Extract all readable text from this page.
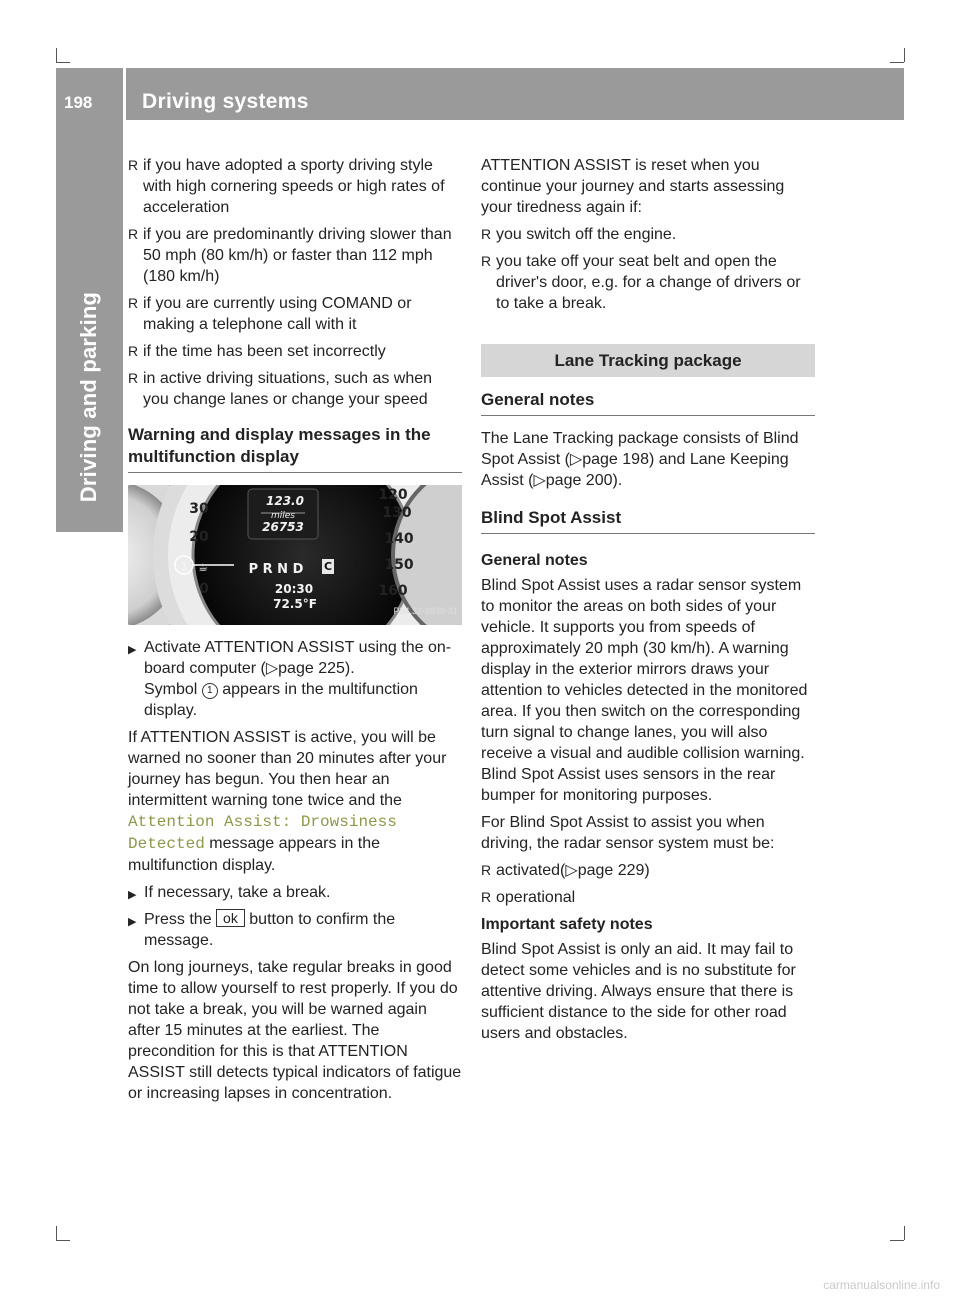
198 Driving systems
Driving and parking
R if you have adopted a sporty driving style with high cornering speeds or high rates of acceleration
R if you are predominantly driving slower than 50 mph (80 km/h) or faster than 112 mph (180 km/h)
R if you are currently using COMAND or making a telephone call with it
R if the time has been set incorrectly
R in active driving situations, such as when you change lanes or change your speed
Warning and display messages in the multifunction display
123.0
miles
26753
P R N D C
20:30
72.5°F
1 ☕
30
20
0
120
130
140
150
160
P54.32-8938-31
▶ Activate ATTENTION ASSIST using the on-board computer (▷page 225).
Symbol 1 appears in the multifunction display.

If ATTENTION ASSIST is active, you will be warned no sooner than 20 minutes after your journey has begun. You then hear an intermittent warning tone twice and the Attention Assist: Drowsiness
Detected message appears in the multifunction display.

▶ If necessary, take a break.
▶ Press the ok button to confirm the message.

On long journeys, take regular breaks in good time to allow yourself to rest properly. If you do not take a break, you will be warned again after 15 minutes at the earliest. The precondition for this is that ATTENTION ASSIST still detects typical indicators of fatigue or increasing lapses in concentration.

ATTENTION ASSIST is reset when you continue your journey and starts assessing your tiredness again if:

R you switch off the engine.
R you take off your seat belt and open the driver's door, e.g. for a change of drivers or to take a break.
Lane Tracking package
General notes

The Lane Tracking package consists of Blind Spot Assist (▷page 198) and Lane Keeping Assist (▷page 200).

Blind Spot Assist
General notes

Blind Spot Assist uses a radar sensor system to monitor the areas on both sides of your vehicle. It supports you from speeds of approximately 20 mph (30 km/h). A warning display in the exterior mirrors draws your attention to vehicles detected in the monitored area. If you then switch on the corresponding turn signal to change lanes, you will also receive a visual and audible collision warning. Blind Spot Assist uses sensors in the rear bumper for monitoring purposes.

For Blind Spot Assist to assist you when driving, the radar sensor system must be:

R activated(▷page 229)
R operational
Important safety notes

Blind Spot Assist is only an aid. It may fail to detect some vehicles and is no substitute for attentive driving. Always ensure that there is sufficient distance to the side for other road users and obstacles.

carmanualsonline.info
